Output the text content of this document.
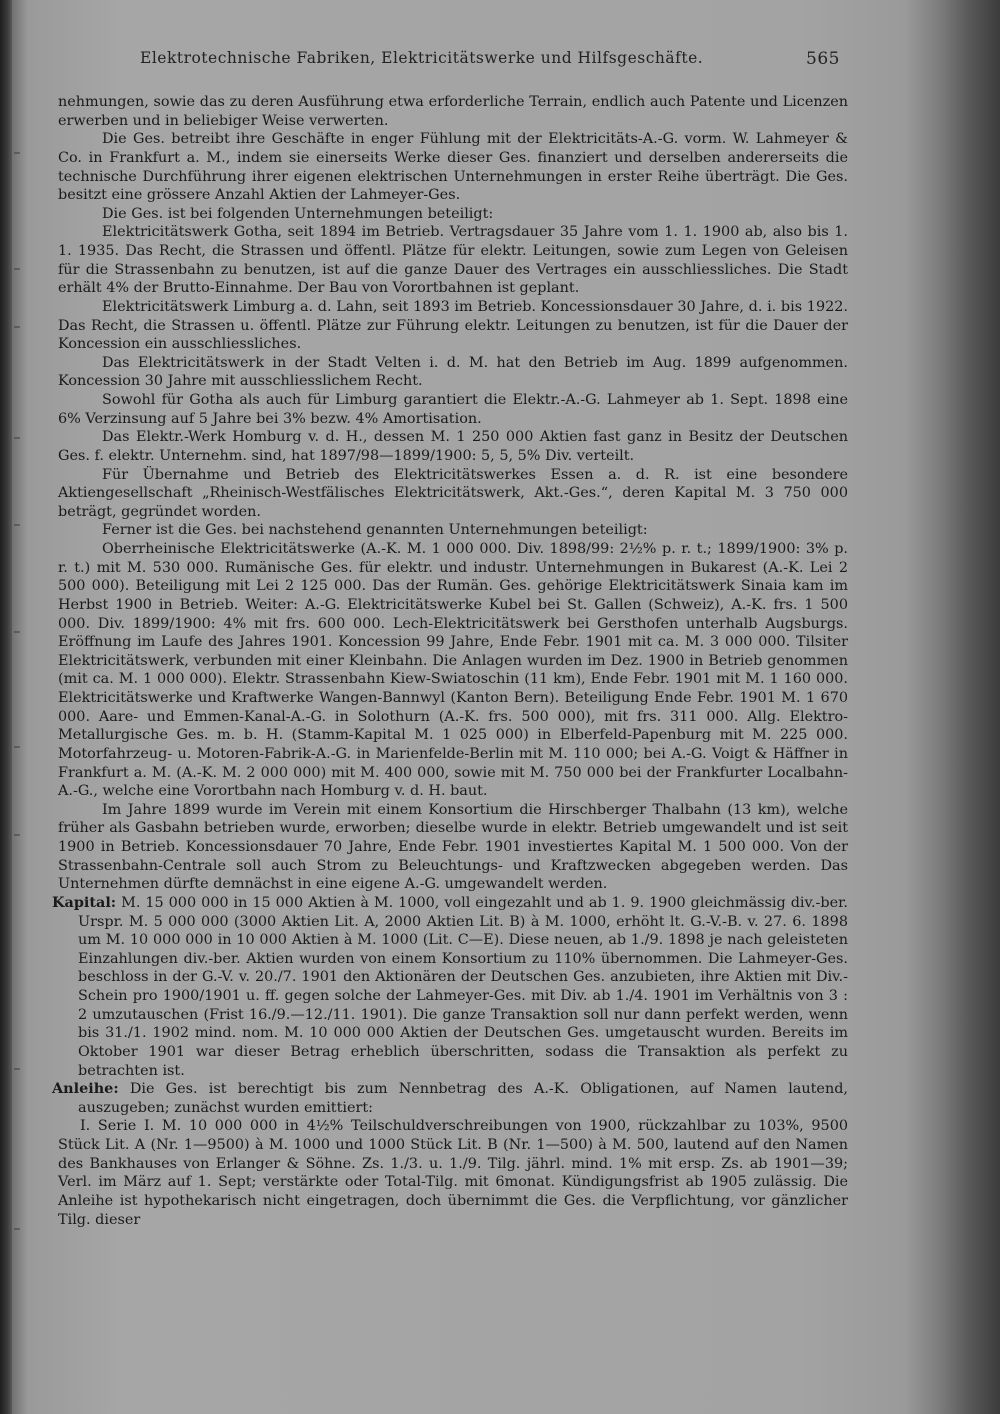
Elektrotechnische Fabriken, Elektricitätswerke und Hilfsgeschäfte.	565

nehmungen, sowie das zu deren Ausführung etwa erforderliche Terrain, endlich auch Patente und Licenzen erwerben und in beliebiger Weise verwerten.

Die Ges. betreibt ihre Geschäfte in enger Fühlung mit der Elektricitäts-A.-G. vorm. W. Lahmeyer & Co. in Frankfurt a. M., indem sie einerseits Werke dieser Ges. finanziert und derselben andererseits die technische Durchführung ihrer eigenen elektrischen Unternehmungen in erster Reihe überträgt. Die Ges. besitzt eine grössere Anzahl Aktien der Lahmeyer-Ges.

Die Ges. ist bei folgenden Unternehmungen beteiligt:

Elektricitätswerk Gotha, seit 1894 im Betrieb. Vertragsdauer 35 Jahre vom 1. 1. 1900 ab, also bis 1. 1. 1935. Das Recht, die Strassen und öffentl. Plätze für elektr. Leitungen, sowie zum Legen von Geleisen für die Strassenbahn zu benutzen, ist auf die ganze Dauer des Vertrages ein ausschliessliches. Die Stadt erhält 4% der Brutto-Einnahme. Der Bau von Vorortbahnen ist geplant.

Elektricitätswerk Limburg a. d. Lahn, seit 1893 im Betrieb. Koncessionsdauer 30 Jahre, d. i. bis 1922. Das Recht, die Strassen u. öffentl. Plätze zur Führung elektr. Leitungen zu benutzen, ist für die Dauer der Koncession ein ausschliessliches.

Das Elektricitätswerk in der Stadt Velten i. d. M. hat den Betrieb im Aug. 1899 aufgenommen. Koncession 30 Jahre mit ausschliesslichem Recht.

Sowohl für Gotha als auch für Limburg garantiert die Elektr.-A.-G. Lahmeyer ab 1. Sept. 1898 eine 6% Verzinsung auf 5 Jahre bei 3% bezw. 4% Amortisation.

Das Elektr.-Werk Homburg v. d. H., dessen M. 1 250 000 Aktien fast ganz in Besitz der Deutschen Ges. f. elektr. Unternehm. sind, hat 1897/98—1899/1900: 5, 5, 5% Div. verteilt.

Für Übernahme und Betrieb des Elektricitätswerkes Essen a. d. R. ist eine besondere Aktiengesellschaft „Rheinisch-Westfälisches Elektricitätswerk, Akt.-Ges.“, deren Kapital M. 3 750 000 beträgt, gegründet worden.

Ferner ist die Ges. bei nachstehend genannten Unternehmungen beteiligt:

Oberrheinische Elektricitätswerke (A.-K. M. 1 000 000. Div. 1898/99: 2½% p. r. t.; 1899/1900: 3% p. r. t.) mit M. 530 000. Rumänische Ges. für elektr. und industr. Unternehmungen in Bukarest (A.-K. Lei 2 500 000). Beteiligung mit Lei 2 125 000. Das der Rumän. Ges. gehörige Elektricitätswerk Sinaia kam im Herbst 1900 in Betrieb. Weiter: A.-G. Elektricitätswerke Kubel bei St. Gallen (Schweiz), A.-K. frs. 1 500 000. Div. 1899/1900: 4% mit frs. 600 000. Lech-Elektricitätswerk bei Gersthofen unterhalb Augsburgs. Eröffnung im Laufe des Jahres 1901. Koncession 99 Jahre, Ende Febr. 1901 mit ca. M. 3 000 000. Tilsiter Elektricitätswerk, verbunden mit einer Kleinbahn. Die Anlagen wurden im Dez. 1900 in Betrieb genommen (mit ca. M. 1 000 000). Elektr. Strassenbahn Kiew-Swiatoschin (11 km), Ende Febr. 1901 mit M. 1 160 000. Elektricitätswerke und Kraftwerke Wangen-Bannwyl (Kanton Bern). Beteiligung Ende Febr. 1901 M. 1 670 000. Aare- und Emmen-Kanal-A.-G. in Solothurn (A.-K. frs. 500 000), mit frs. 311 000. Allg. Elektro-Metallurgische Ges. m. b. H. (Stamm-Kapital M. 1 025 000) in Elberfeld-Papenburg mit M. 225 000. Motorfahrzeug- u. Motoren-Fabrik-A.-G. in Marienfelde-Berlin mit M. 110 000; bei A.-G. Voigt & Häffner in Frankfurt a. M. (A.-K. M. 2 000 000) mit M. 400 000, sowie mit M. 750 000 bei der Frankfurter Localbahn-A.-G., welche eine Vorortbahn nach Homburg v. d. H. baut.

Im Jahre 1899 wurde im Verein mit einem Konsortium die Hirschberger Thalbahn (13 km), welche früher als Gasbahn betrieben wurde, erworben; dieselbe wurde in elektr. Betrieb umgewandelt und ist seit 1900 in Betrieb. Koncessionsdauer 70 Jahre, Ende Febr. 1901 investiertes Kapital M. 1 500 000. Von der Strassenbahn-Centrale soll auch Strom zu Beleuchtungs- und Kraftzwecken abgegeben werden. Das Unternehmen dürfte demnächst in eine eigene A.-G. umgewandelt werden.

Kapital: M. 15 000 000 in 15 000 Aktien à M. 1000, voll eingezahlt und ab 1. 9. 1900 gleichmässig div.-ber. Urspr. M. 5 000 000 (3000 Aktien Lit. A, 2000 Aktien Lit. B) à M. 1000, erhöht lt. G.-V.-B. v. 27. 6. 1898 um M. 10 000 000 in 10 000 Aktien à M. 1000 (Lit. C—E). Diese neuen, ab 1./9. 1898 je nach geleisteten Einzahlungen div.-ber. Aktien wurden von einem Konsortium zu 110% übernommen. Die Lahmeyer-Ges. beschloss in der G.-V. v. 20./7. 1901 den Aktionären der Deutschen Ges. anzubieten, ihre Aktien mit Div.-Schein pro 1900/1901 u. ff. gegen solche der Lahmeyer-Ges. mit Div. ab 1./4. 1901 im Verhältnis von 3 : 2 umzutauschen (Frist 16./9.—12./11. 1901). Die ganze Transaktion soll nur dann perfekt werden, wenn bis 31./1. 1902 mind. nom. M. 10 000 000 Aktien der Deutschen Ges. umgetauscht wurden. Bereits im Oktober 1901 war dieser Betrag erheblich überschritten, sodass die Transaktion als perfekt zu betrachten ist.

Anleihe: Die Ges. ist berechtigt bis zum Nennbetrag des A.-K. Obligationen, auf Namen lautend, auszugeben; zunächst wurden emittiert:

I. Serie I. M. 10 000 000 in 4½% Teilschuldverschreibungen von 1900, rückzahlbar zu 103%, 9500 Stück Lit. A (Nr. 1—9500) à M. 1000 und 1000 Stück Lit. B (Nr. 1—500) à M. 500, lautend auf den Namen des Bankhauses von Erlanger & Söhne. Zs. 1./3. u. 1./9. Tilg. jährl. mind. 1% mit ersp. Zs. ab 1901—39; Verl. im März auf 1. Sept; verstärkte oder Total-Tilg. mit 6monat. Kündigungsfrist ab 1905 zulässig. Die Anleihe ist hypothekarisch nicht eingetragen, doch übernimmt die Ges. die Verpflichtung, vor gänzlicher Tilg. dieser
